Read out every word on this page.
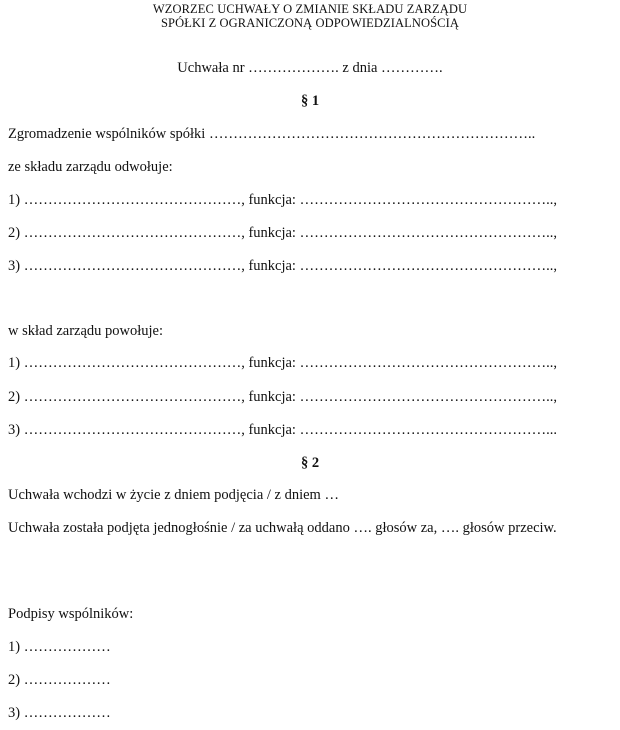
WZORZEC UCHWAŁY O ZMIANIE SKŁADU ZARZĄDU
SPÓŁKI Z OGRANICZONĄ ODPOWIEDZIALNOŚCIĄ
Uchwała nr ………………. z dnia ………….
§ 1
Zgromadzenie wspólników spółki …………………………………………………………..
ze składu zarządu odwołuje:
1) ………………………………………, funkcja: ……………………………………………..,
2) ………………………………………, funkcja: ……………………………………………..,
3) ………………………………………, funkcja: ……………………………………………..,
w skład zarządu powołuje:
1) ………………………………………, funkcja: ……………………………………………..,
2) ………………………………………, funkcja: ……………………………………………..,
3) ………………………………………, funkcja: ……………………………………………...
§ 2
Uchwała wchodzi w życie z dniem podjęcia / z dniem …
Uchwała została podjęta jednogłośnie / za uchwałą oddano …. głosów za, …. głosów przeciw.
Podpisy wspólników:
1) ………………
2) ………………
3) ………………
